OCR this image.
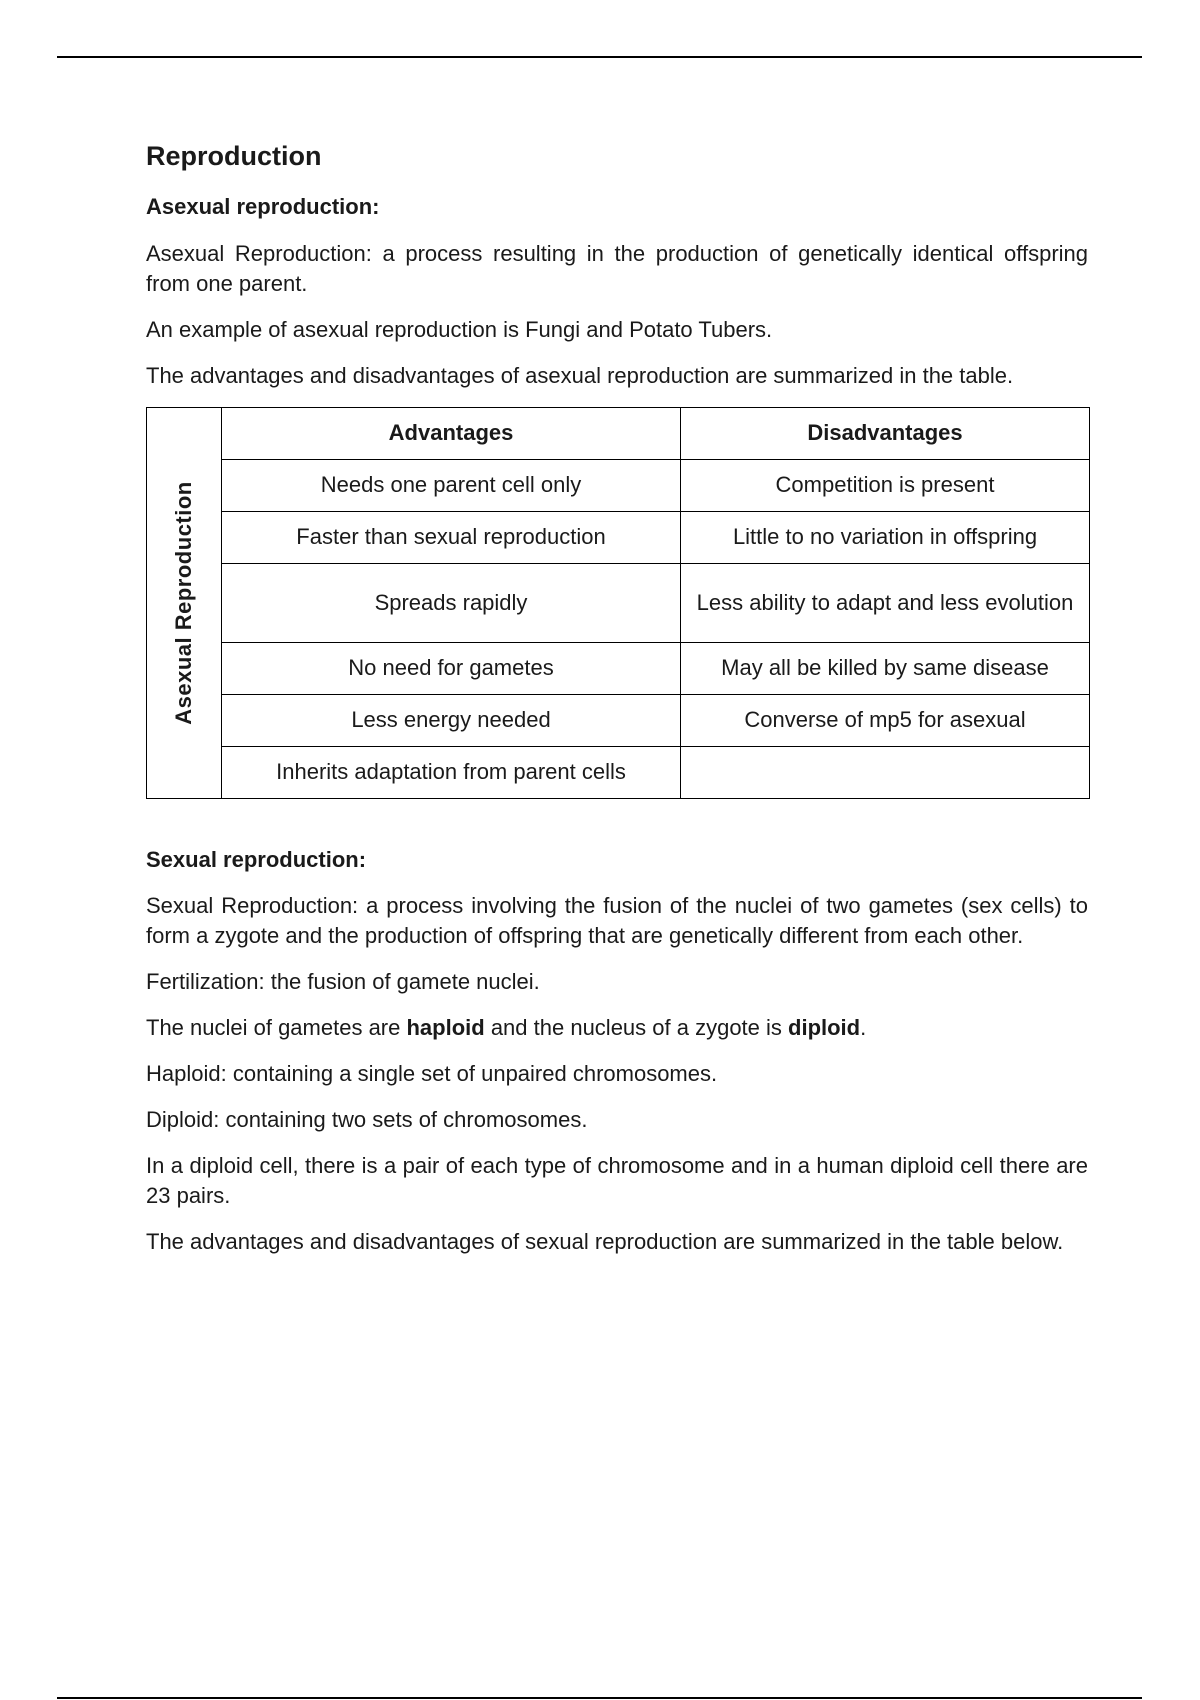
Reproduction
Asexual reproduction:

Asexual Reproduction: a process resulting in the production of genetically identical offspring from one parent.

An example of asexual reproduction is Fungi and Potato Tubers.

The advantages and disadvantages of asexual reproduction are summarized in the table.

Asexual Reproduction	Advantages	Disadvantages
	Needs one parent cell only	Competition is present
	Faster than sexual reproduction	Little to no variation in offspring
	Spreads rapidly	Less ability to adapt and less evolution
	No need for gametes	May all be killed by same disease
	Less energy needed	Converse of mp5 for asexual
	Inherits adaptation from parent cells	
Sexual reproduction:

Sexual Reproduction: a process involving the fusion of the nuclei of two gametes (sex cells) to form a zygote and the production of offspring that are genetically different from each other.

Fertilization: the fusion of gamete nuclei.

The nuclei of gametes are haploid and the nucleus of a zygote is diploid.

Haploid: containing a single set of unpaired chromosomes.

Diploid: containing two sets of chromosomes.

In a diploid cell, there is a pair of each type of chromosome and in a human diploid cell there are 23 pairs.

The advantages and disadvantages of sexual reproduction are summarized in the table below.
